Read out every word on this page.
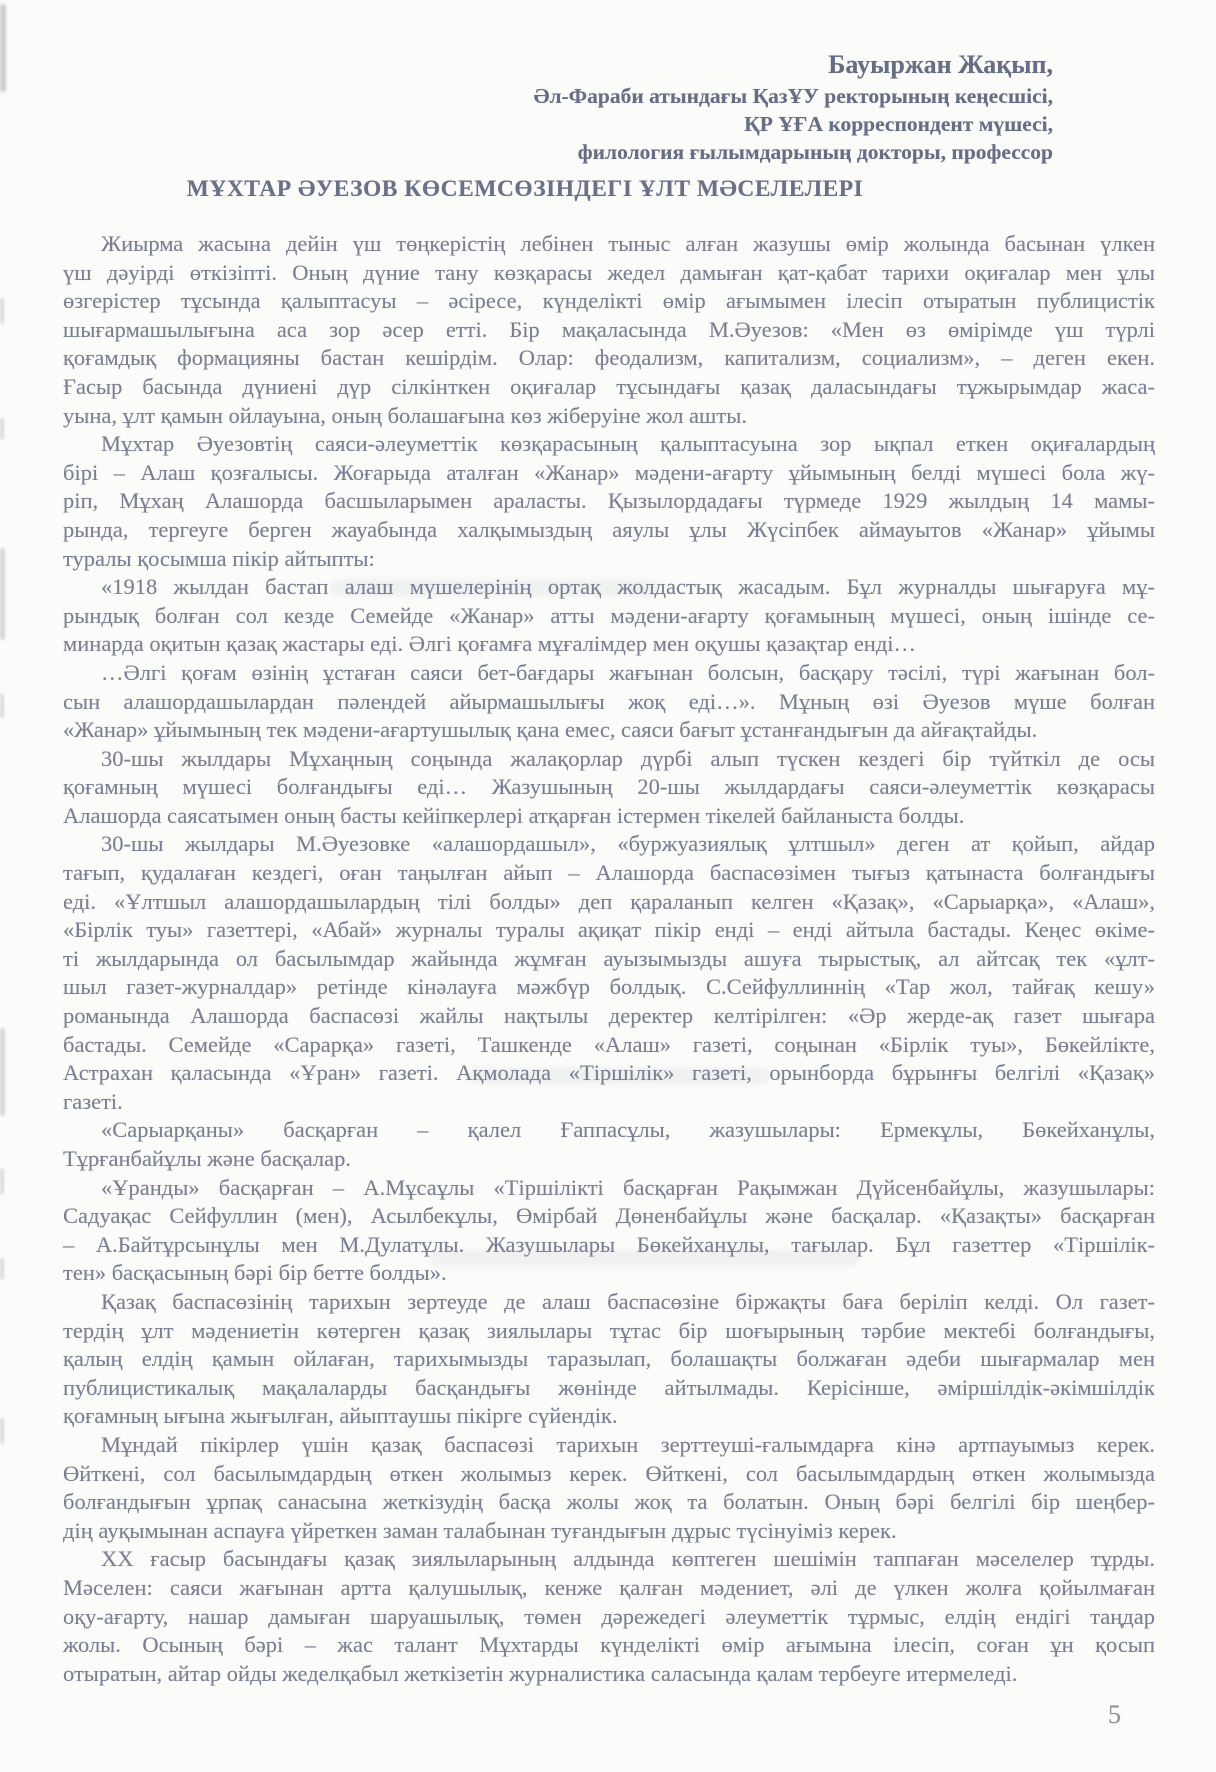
Бауыржан Жақып,
Әл-Фараби атындағы ҚазҰУ ректорының кеңесшісі,
ҚР ҰҒА корреспондент мүшесі,
филология ғылымдарының докторы, профессор
МҰХТАР ӘУЕЗОВ КӨСЕМСӨЗІНДЕГІ ҰЛТ МӘСЕЛЕЛЕРІ
Жиырма жасына дейін үш төңкерістің лебінен тыныс алған жазушы өмір жолында басынан үлкен
үш дәуірді өткізіпті. Оның дүние тану көзқарасы жедел дамыған қат-қабат тарихи оқиғалар мен ұлы
өзгерістер тұсында қалыптасуы – әсіресе, күнделікті өмір ағымымен ілесіп отыратын публицистік
шығармашылығына аса зор әсер етті. Бір мақаласында М.Әуезов: «Мен өз өмірімде үш түрлі
қоғамдық формацияны бастан кешірдім. Олар: феодализм, капитализм, социализм», – деген екен.
Ғасыр басында дүниені дүр сілкінткен оқиғалар тұсындағы қазақ даласындағы тұжырымдар жаса-
уына, ұлт қамын ойлауына, оның болашағына көз жіберуіне жол ашты.
Мұхтар Әуезовтің саяси-әлеуметтік көзқарасының қалыптасуына зор ықпал еткен оқиғалардың
бірі – Алаш қозғалысы. Жоғарыда аталған «Жанар» мәдени-ағарту ұйымының белді мүшесі бола жү-
ріп, Мұхаң Алашорда басшыларымен араласты. Қызылордадағы түрмеде 1929 жылдың 14 мамы-
рында, тергеуге берген жауабында халқымыздың аяулы ұлы Жүсіпбек аймауытов «Жанар» ұйымы
туралы қосымша пікір айтыпты:
«1918 жылдан бастап алаш мүшелерінің ортақ жолдастық жасадым. Бұл журналды шығаруға мұ-
рындық болған сол кезде Семейде «Жанар» атты мәдени-ағарту қоғамының мүшесі, оның ішінде се-
минарда оқитын қазақ жастары еді. Әлгі қоғамға мұғалімдер мен оқушы қазақтар енді…
…Әлгі қоғам өзінің ұстаған саяси бет-бағдары жағынан болсын, басқару тәсілі, түрі жағынан бол-
сын алашордашылардан пәлендей айырмашылығы жоқ еді…». Мұның өзі Әуезов мүше болған
«Жанар» ұйымының тек мәдени-ағартушылық қана емес, саяси бағыт ұстанғандығын да айғақтайды.
30-шы жылдары Мұхаңның соңында жалақорлар дүрбі алып түскен кездегі бір түйткіл де осы
қоғамның мүшесі болғандығы еді… Жазушының 20-шы жылдардағы саяси-әлеуметтік көзқарасы
Алашорда саясатымен оның басты кейіпкерлері атқарған істермен тікелей байланыста болды.
30-шы жылдары М.Әуезовке «алашордашыл», «буржуазиялық ұлтшыл» деген ат қойып, айдар
тағып, қудалаған кездегі, оған таңылған айып – Алашорда баспасөзімен тығыз қатынаста болғандығы
еді. «Ұлтшыл алашордашылардың тілі болды» деп қараланып келген «Қазақ», «Сарыарқа», «Алаш»,
«Бірлік туы» газеттері, «Абай» журналы туралы ақиқат пікір енді – енді айтыла бастады. Кеңес өкіме-
ті жылдарында ол басылымдар жайында жұмған ауызымызды ашуға тырыстық, ал айтсақ тек «ұлт-
шыл газет-журналдар» ретінде кінәлауға мәжбүр болдық. С.Сейфуллиннің «Тар жол, тайғақ кешу»
романында Алашорда баспасөзі жайлы нақтылы деректер келтірілген: «Әр жерде-ақ газет шығара
бастады. Семейде «Сарарқа» газеті, Ташкенде «Алаш» газеті, соңынан «Бірлік туы», Бөкейлікте,
Астрахан қаласында «Ұран» газеті. Ақмолада «Тіршілік» газеті, орынборда бұрынғы белгілі «Қазақ»
газеті.
«Сарыарқаны» басқарған – қалел Ғаппасұлы, жазушылары: Ермекұлы, Бөкейханұлы,
Тұрғанбайұлы және басқалар.
«Ұранды» басқарған – А.Мұсаұлы «Тіршілікті басқарған Рақымжан Дүйсенбайұлы, жазушылары:
Садуақас Сейфуллин (мен), Асылбекұлы, Өмірбай Дөненбайұлы және басқалар. «Қазақты» басқарған
– А.Байтұрсынұлы мен М.Дулатұлы. Жазушылары Бөкейханұлы, тағылар. Бұл газеттер «Тіршілік-
тен» басқасының бәрі бір бетте болды».
Қазақ баспасөзінің тарихын зертеуде де алаш баспасөзіне біржақты баға беріліп келді. Ол газет-
тердің ұлт мәдениетін көтерген қазақ зиялылары тұтас бір шоғырының тәрбие мектебі болғандығы,
қалың елдің қамын ойлаған, тарихымызды таразылап, болашақты болжаған әдеби шығармалар мен
публицистикалық мақалаларды басқандығы жөнінде айтылмады. Керісінше, әміршілдік-әкімшілдік
қоғамның ығына жығылған, айыптаушы пікірге сүйендік.
Мұндай пікірлер үшін қазақ баспасөзі тарихын зерттеуші-ғалымдарға кінә артпауымыз керек.
Өйткені, сол басылымдардың өткен жолымыз керек. Өйткені, сол басылымдардың өткен жолымызда
болғандығын ұрпақ санасына жеткізудің басқа жолы жоқ та болатын. Оның бәрі белгілі бір шеңбер-
дің ауқымынан аспауға үйреткен заман талабынан туғандығын дұрыс түсінуіміз керек.
ХХ ғасыр басындағы қазақ зиялыларының алдында көптеген шешімін таппаған мәселелер тұрды.
Мәселен: саяси жағынан артта қалушылық, кенже қалған мәдениет, әлі де үлкен жолға қойылмаған
оқу-ағарту, нашар дамыған шаруашылық, төмен дәрежедегі әлеуметтік тұрмыс, елдің ендігі таңдар
жолы. Осының бәрі – жас талант Мұхтарды күнделікті өмір ағымына ілесіп, соған ұн қосып
отыратын, айтар ойды жеделқабыл жеткізетін журналистика саласында қалам тербеуге итермеледі.
5
